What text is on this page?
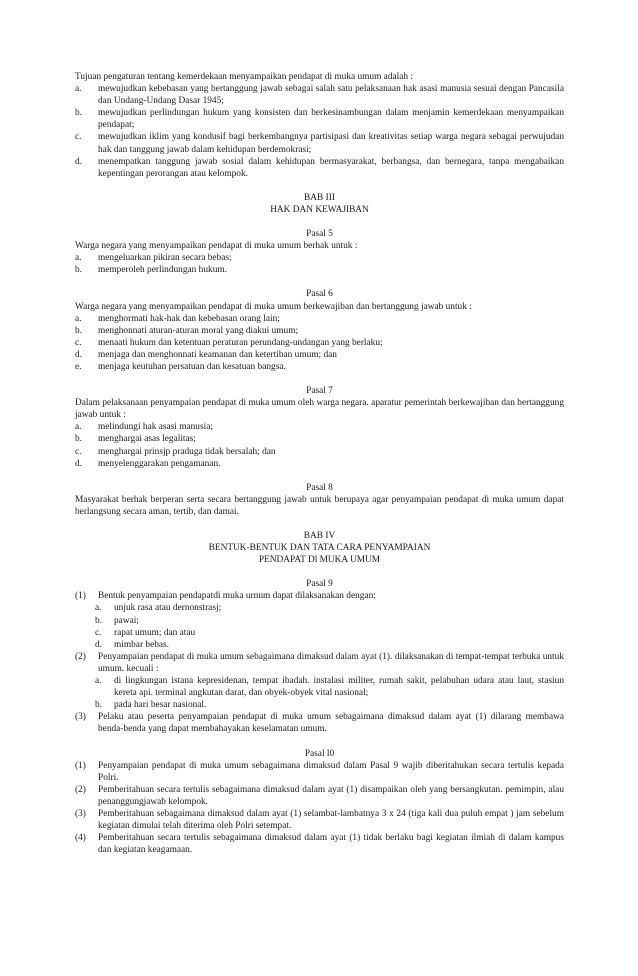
Tujuan pengaturan tentang kemerdekaan menyampaikan pendapat di muka umum adalah :

a. mewujudkan kebebasan yang bertanggung jawab sebagai salah satu pelaksanaan hak asasi manusia sesuai dengan Pancasila dan Undang-Undang Dasar 1945;
b. mewujudkan perlindungan hukum yang konsisten dan berkesinambungan dalam menjamin kemerdekaan menyampaikan pendapat;
c. mewujudkan iklim yang kondusif bagi berkembangnya partisipasi dan kreativitas setiap warga negara sebagai perwujudan hak dan tanggung jawab dalam kehidupan berdemokrasi;
d. menempatkan tanggung jawab sosial dalam kehidupan bermasyarakat, berbangsa, dan bernegara, tanpa mengabaikan kepentingan perorangan atau kelompok.

BAB III

HAK DAN KEWAJIBAN

Pasal 5

Warga negara yang menyampaikan pendapat di muka umum berhak untuk :

a. mengeluarkan pikiran secara bebas;
b. memperoleh perlindungan hukum.

Pasal 6

Warga negara yang menyampaikan pendapat di muka umum berkewajiban dan bertanggung jawab untuk :

a. menghormati hak-hak dan kebebasan orang lain;
b. menghonnati aturan-aturan moral yang diakui umum;
c. menaati hukum dan ketentuan peraturan perundang-undangan yang berlaku;
d. menjaga dan menghonnati keamanan dan ketertiban umum; dan
e. menjaga keutuhan persatuan dan kesatuan bangsa.

Pasal 7

Dalam pelaksanaan penyampaian pendapat di muka umum oleh warga negara. aparatur pemerintah berkewajiban dan bertanggung jawab untuk :

a. melindungi hak asasi manusia;
b. menghargai asas legalitas;
c. menghargai prinsjp praduga tidak bersalah; dan
d. menyelenggarakan pengamanan.

Pasal 8

Masyarakat berhak berperan serta secara bertanggung jawab untuk berupaya agar penyampaian pendapat di muka umum dapat berlangsung secara aman, tertib, dan damai.

BAB IV

BENTUK-BENTUK DAN TATA CARA PENYAMPAIAN

PENDAPAT Dl MUKA UMUM

Pasal 9

(1) Bentuk penyampaian pendapatdi muka urnum dapat dilaksanakan dengan:
a. unjuk rasa atau dernonstrasj;
b. pawai;
c. rapat umum; dan atau
d. mimbar bebas.
(2) Penyampaian pendapat di muka umum sebagaimana dimaksud dalam ayat (1). dilaksanakan di tempat-tempat terbuka untuk umum. kecuali :
a. di lingkungan istana kepresidenan, tempat ibadah. instalasi militer, rumah sakit, pelabuhan udara atau laut, stasiun kereta api. terminal angkutan darat, dan obyek-obyek vital nasional;
b. pada hari besar nasional.
(3) Pelaku atau peserta penyampaian pendapat di muka umum sebagaimana dimaksud dalam ayat (1) dilarang membawa benda-benda yang dapat membahayakan keselamatan umum.

Pasal l0

(1) Penyampaian pendapat di muka umum sebagaimana dimaksud dalam Pasal 9 wajib diberitahukan secara tertulis kepada Polri.
(2) Pemberitahuan secara tertulis sebagaimana dimaksud dalam ayat (1) disampaikan oleh yang bersangkutan. pemimpin, alau penanggungjawab kelompok.
(3) Pemberitahuan sebagaimana dimaksud dalam ayat (1) selambat-lambatnya 3 x 24 (tiga kali dua puluh empat ) jam sebelum kegiatan dimulai telah diterima oleh Polri setempat.
(4) Pemberitahuan secara tertulis sebagaimana dimaksud dalam ayat (1) tidak berlaku bagi kegiatan ilmiah di dalam kampus dan kegiatan keagamaan.
